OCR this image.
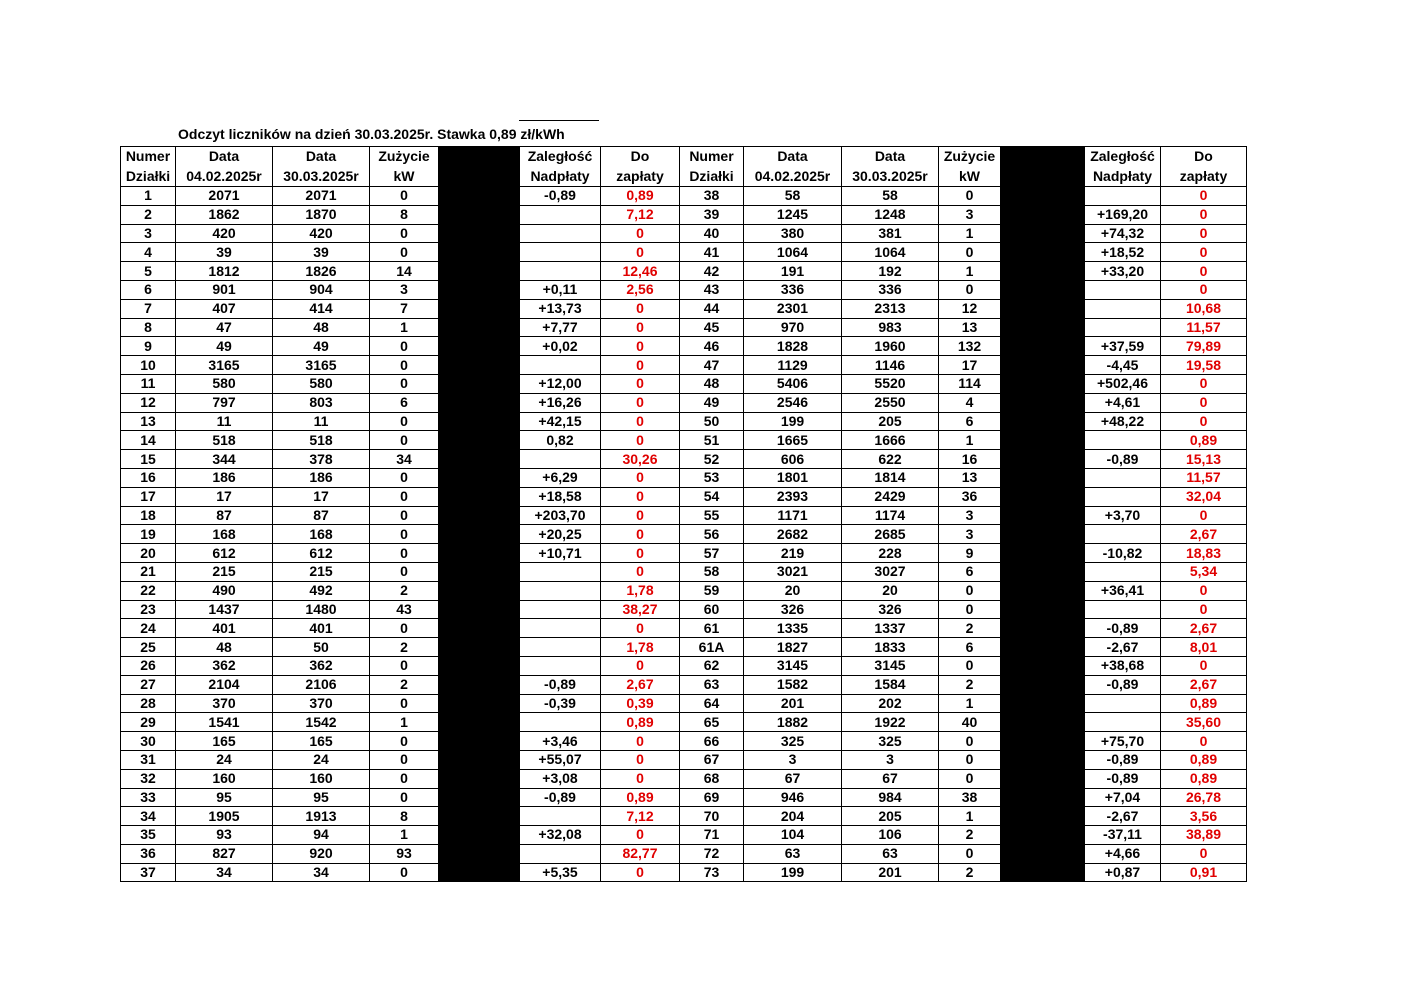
Odczyt liczników na dzień 30.03.2025r. Stawka 0,89 zł/kWh
Numer	Data	Data	Zużycie		Zaległość	Do	Numer	Data	Data	Zużycie		Zaległość	Do
Działki	04.02.2025r	30.03.2025r	kW		Nadpłaty	zapłaty	Działki	04.02.2025r	30.03.2025r	kW		Nadpłaty	zapłaty
1	2071	2071	0		-0,89	0,89	38	58	58	0			0
2	1862	1870	8			7,12	39	1245	1248	3		+169,20	0
3	420	420	0			0	40	380	381	1		+74,32	0
4	39	39	0			0	41	1064	1064	0		+18,52	0
5	1812	1826	14			12,46	42	191	192	1		+33,20	0
6	901	904	3		+0,11	2,56	43	336	336	0			0
7	407	414	7		+13,73	0	44	2301	2313	12			10,68
8	47	48	1		+7,77	0	45	970	983	13			11,57
9	49	49	0		+0,02	0	46	1828	1960	132		+37,59	79,89
10	3165	3165	0			0	47	1129	1146	17		-4,45	19,58
11	580	580	0		+12,00	0	48	5406	5520	114		+502,46	0
12	797	803	6		+16,26	0	49	2546	2550	4		+4,61	0
13	11	11	0		+42,15	0	50	199	205	6		+48,22	0
14	518	518	0		0,82	0	51	1665	1666	1			0,89
15	344	378	34			30,26	52	606	622	16		-0,89	15,13
16	186	186	0		+6,29	0	53	1801	1814	13			11,57
17	17	17	0		+18,58	0	54	2393	2429	36			32,04
18	87	87	0		+203,70	0	55	1171	1174	3		+3,70	0
19	168	168	0		+20,25	0	56	2682	2685	3			2,67
20	612	612	0		+10,71	0	57	219	228	9		-10,82	18,83
21	215	215	0			0	58	3021	3027	6			5,34
22	490	492	2			1,78	59	20	20	0		+36,41	0
23	1437	1480	43			38,27	60	326	326	0			0
24	401	401	0			0	61	1335	1337	2		-0,89	2,67
25	48	50	2			1,78	61A	1827	1833	6		-2,67	8,01
26	362	362	0			0	62	3145	3145	0		+38,68	0
27	2104	2106	2		-0,89	2,67	63	1582	1584	2		-0,89	2,67
28	370	370	0		-0,39	0,39	64	201	202	1			0,89
29	1541	1542	1			0,89	65	1882	1922	40			35,60
30	165	165	0		+3,46	0	66	325	325	0		+75,70	0
31	24	24	0		+55,07	0	67	3	3	0		-0,89	0,89
32	160	160	0		+3,08	0	68	67	67	0		-0,89	0,89
33	95	95	0		-0,89	0,89	69	946	984	38		+7,04	26,78
34	1905	1913	8			7,12	70	204	205	1		-2,67	3,56
35	93	94	1		+32,08	0	71	104	106	2		-37,11	38,89
36	827	920	93			82,77	72	63	63	0		+4,66	0
37	34	34	0		+5,35	0	73	199	201	2		+0,87	0,91
